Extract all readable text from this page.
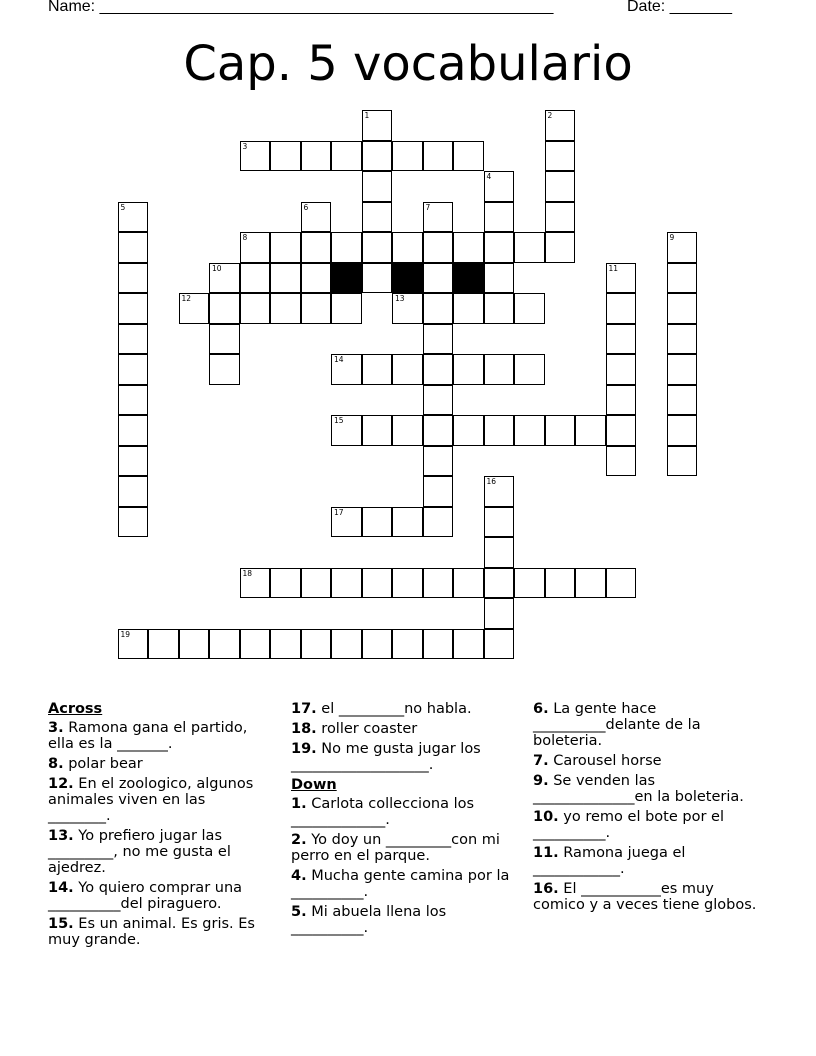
Name: ___________________________________________________	Date: _______
Cap. 5 vocabulario
1	2
3
4
5	6	7
8	9
10	11
12	13
14
15
16
17
18
19
Across
3. Ramona gana el partido, ella es la _______.
8. polar bear
12. En el zoologico, algunos animales viven en las ________.
13. Yo prefiero jugar las _________, no me gusta el ajedrez.
14. Yo quiero comprar una __________del piraguero.
15. Es un animal. Es gris. Es muy grande.
17. el _________no habla.
18. roller coaster
19. No me gusta jugar los ___________________.
Down
1. Carlota collecciona los _____________.
2. Yo doy un _________con mi perro en el parque.
4. Mucha gente camina por la __________.
5. Mi abuela llena los __________.
6. La gente hace __________delante de la boleteria.
7. Carousel horse
9. Se venden las ______________en la boleteria.
10. yo remo el bote por el __________.
11. Ramona juega el ____________.
16. El ___________es muy comico y a veces tiene globos.
